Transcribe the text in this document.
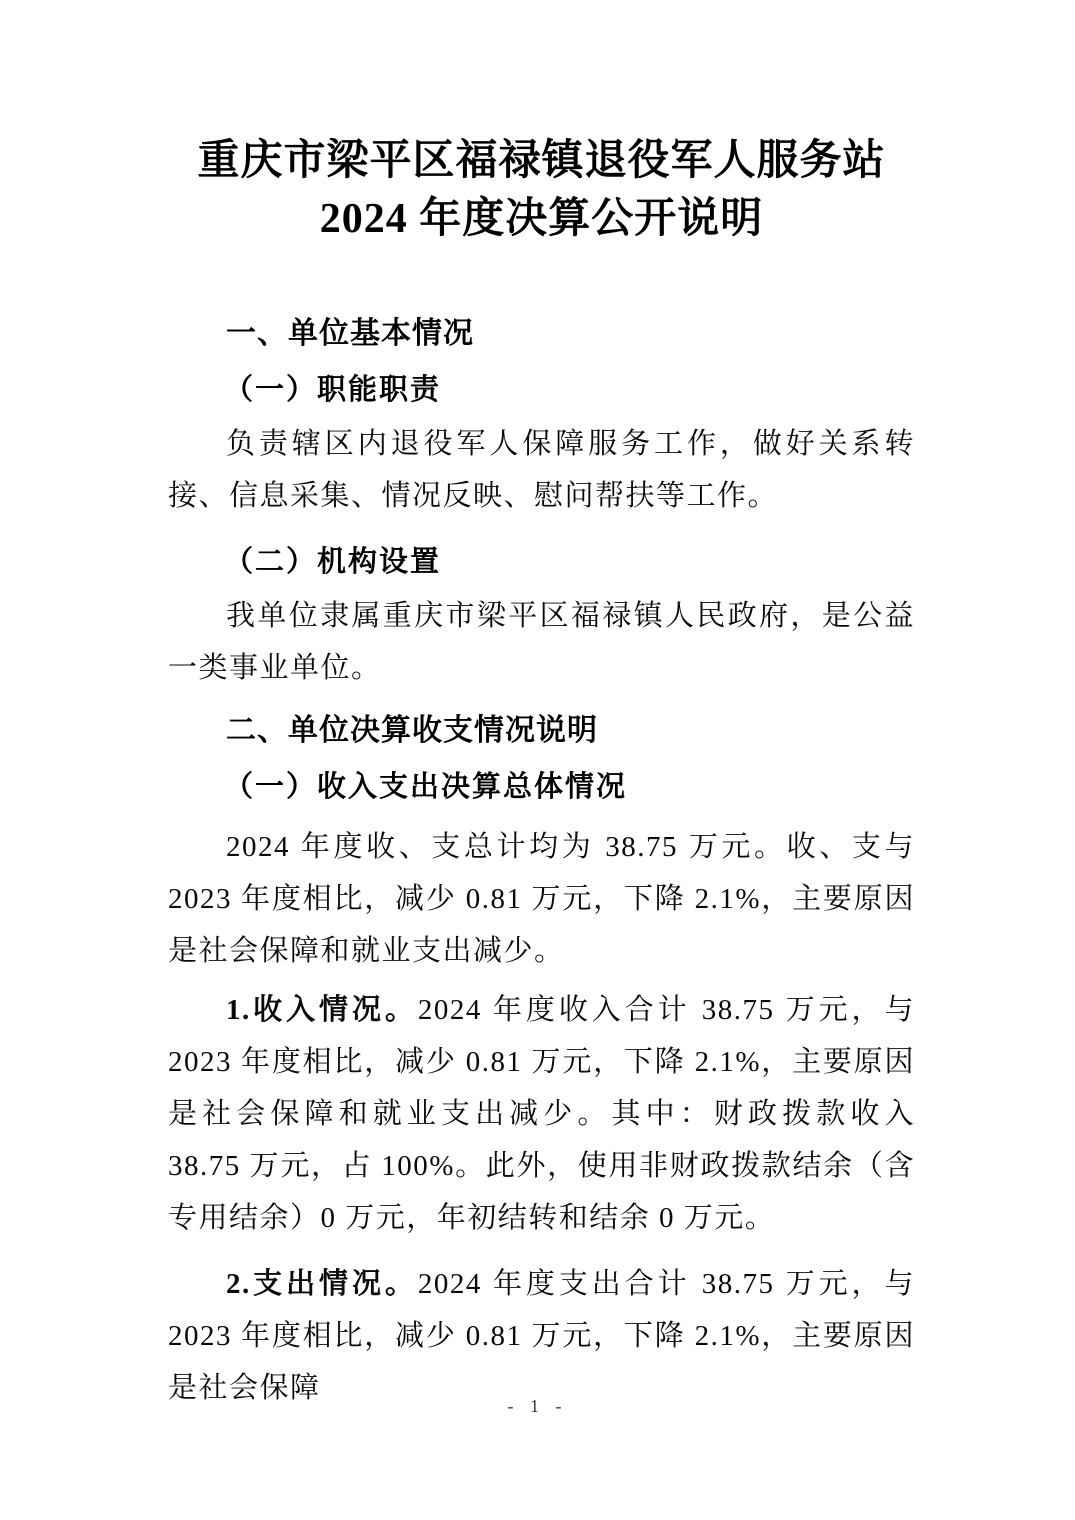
重庆市梁平区福禄镇退役军人服务站
2024 年度决算公开说明
一、单位基本情况
（一）职能职责

负责辖区内退役军人保障服务工作，做好关系转接、信息采集、情况反映、慰问帮扶等工作。

（二）机构设置

我单位隶属重庆市梁平区福禄镇人民政府，是公益一类事业单位。

二、单位决算收支情况说明
（一）收入支出决算总体情况

2024 年度收、支总计均为 38.75 万元。收、支与 2023 年度相比，减少 0.81 万元，下降 2.1%，主要原因是社会保障和就业支出减少。

1.收入情况。2024 年度收入合计 38.75 万元，与 2023 年度相比，减少 0.81 万元，下降 2.1%，主要原因是社会保障和就业支出减少。其中：财政拨款收入 38.75 万元，占 100%。此外，使用非财政拨款结余（含专用结余）0 万元，年初结转和结余 0 万元。

2.支出情况。2024 年度支出合计 38.75 万元，与 2023 年度相比，减少 0.81 万元，下降 2.1%，主要原因是社会保障

- 1 -
